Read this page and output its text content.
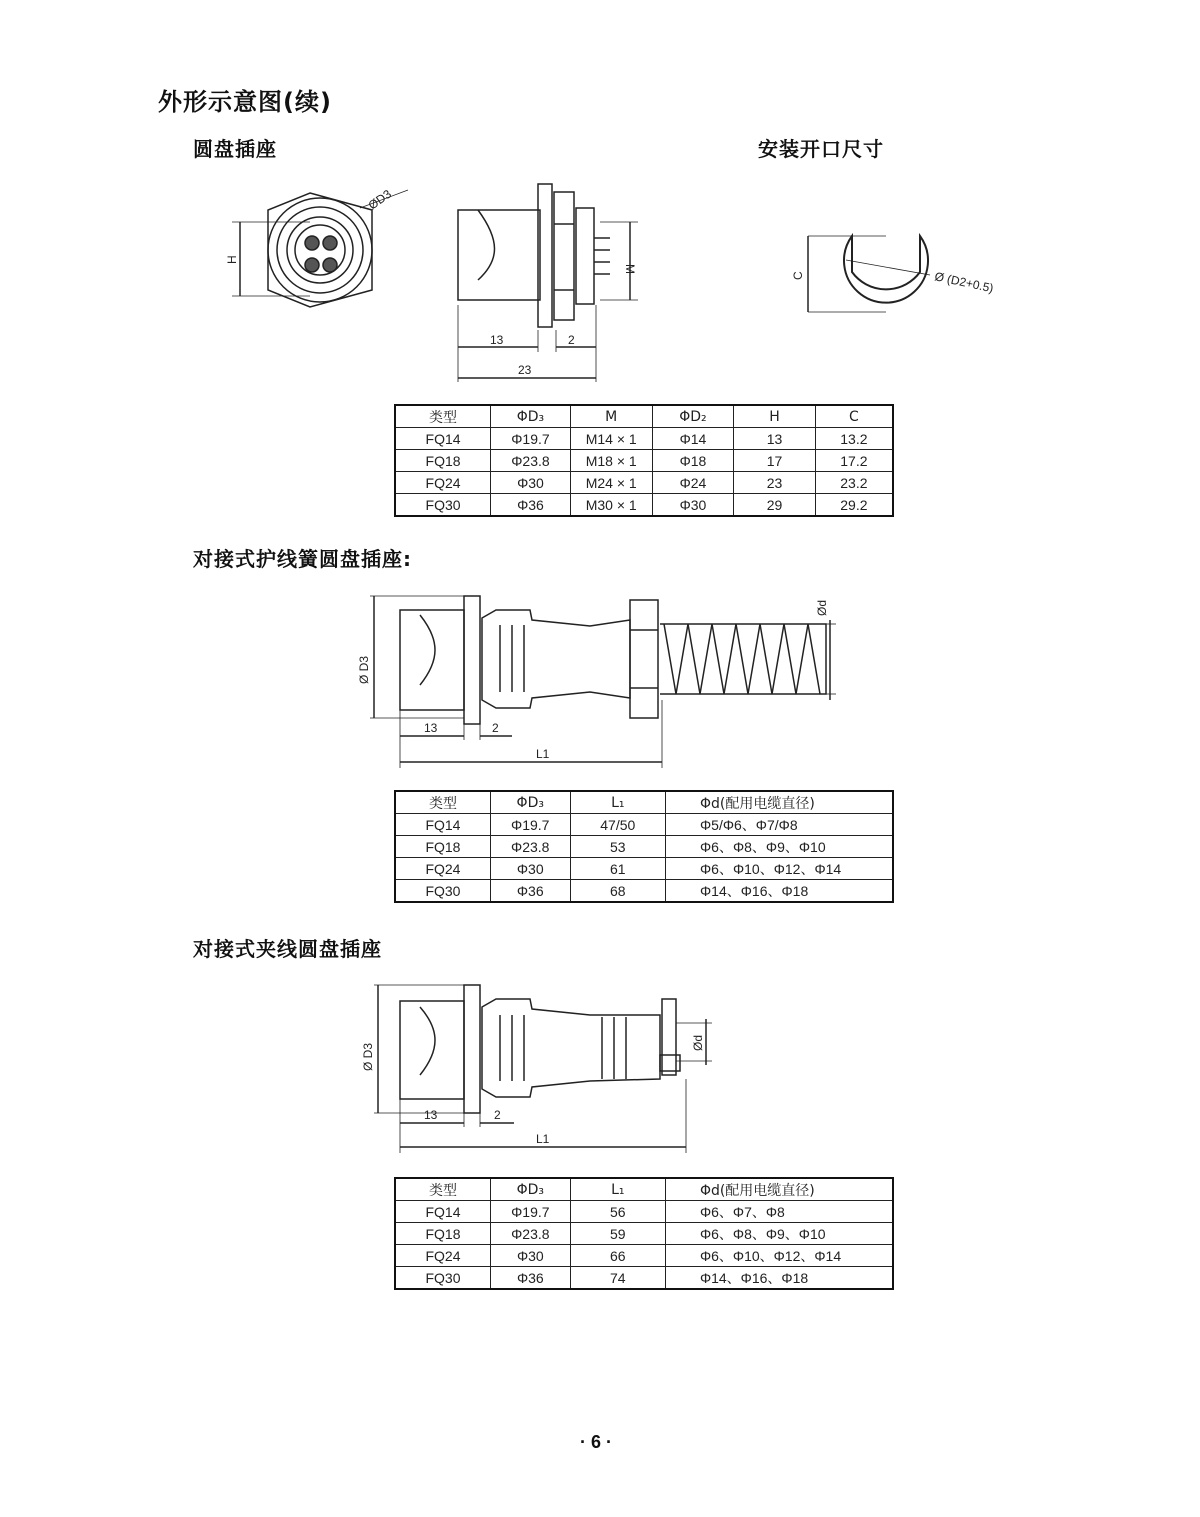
外形示意图(续)
圆盘插座	安装开口尺寸
ØD3
H
M
13	2
23
C	Ø (D2+0.5)
类型	ΦD₃	M	ΦD₂	H	C
FQ14	Φ19.7	M14 × 1	Φ14	13	13.2
FQ18	Φ23.8	M18 × 1	Φ18	17	17.2
FQ24	Φ30	M24 × 1	Φ24	23	23.2
FQ30	Φ36	M30 × 1	Φ30	29	29.2
对接式护线簧圆盘插座:
Ø D3
Ød
13	2
L1
类型	ΦD₃	L₁	Φd(配用电缆直径)
FQ14	Φ19.7	47/50	Φ5/Φ6、Φ7/Φ8
FQ18	Φ23.8	53	Φ6、Φ8、Φ9、Φ10
FQ24	Φ30	61	Φ6、Φ10、Φ12、Φ14
FQ30	Φ36	68	Φ14、Φ16、Φ18
对接式夹线圆盘插座
Ø D3	Ød
13	2
L1
类型	ΦD₃	L₁	Φd(配用电缆直径)
FQ14	Φ19.7	56	Φ6、Φ7、Φ8
FQ18	Φ23.8	59	Φ6、Φ8、Φ9、Φ10
FQ24	Φ30	66	Φ6、Φ10、Φ12、Φ14
FQ30	Φ36	74	Φ14、Φ16、Φ18
· 6 ·
